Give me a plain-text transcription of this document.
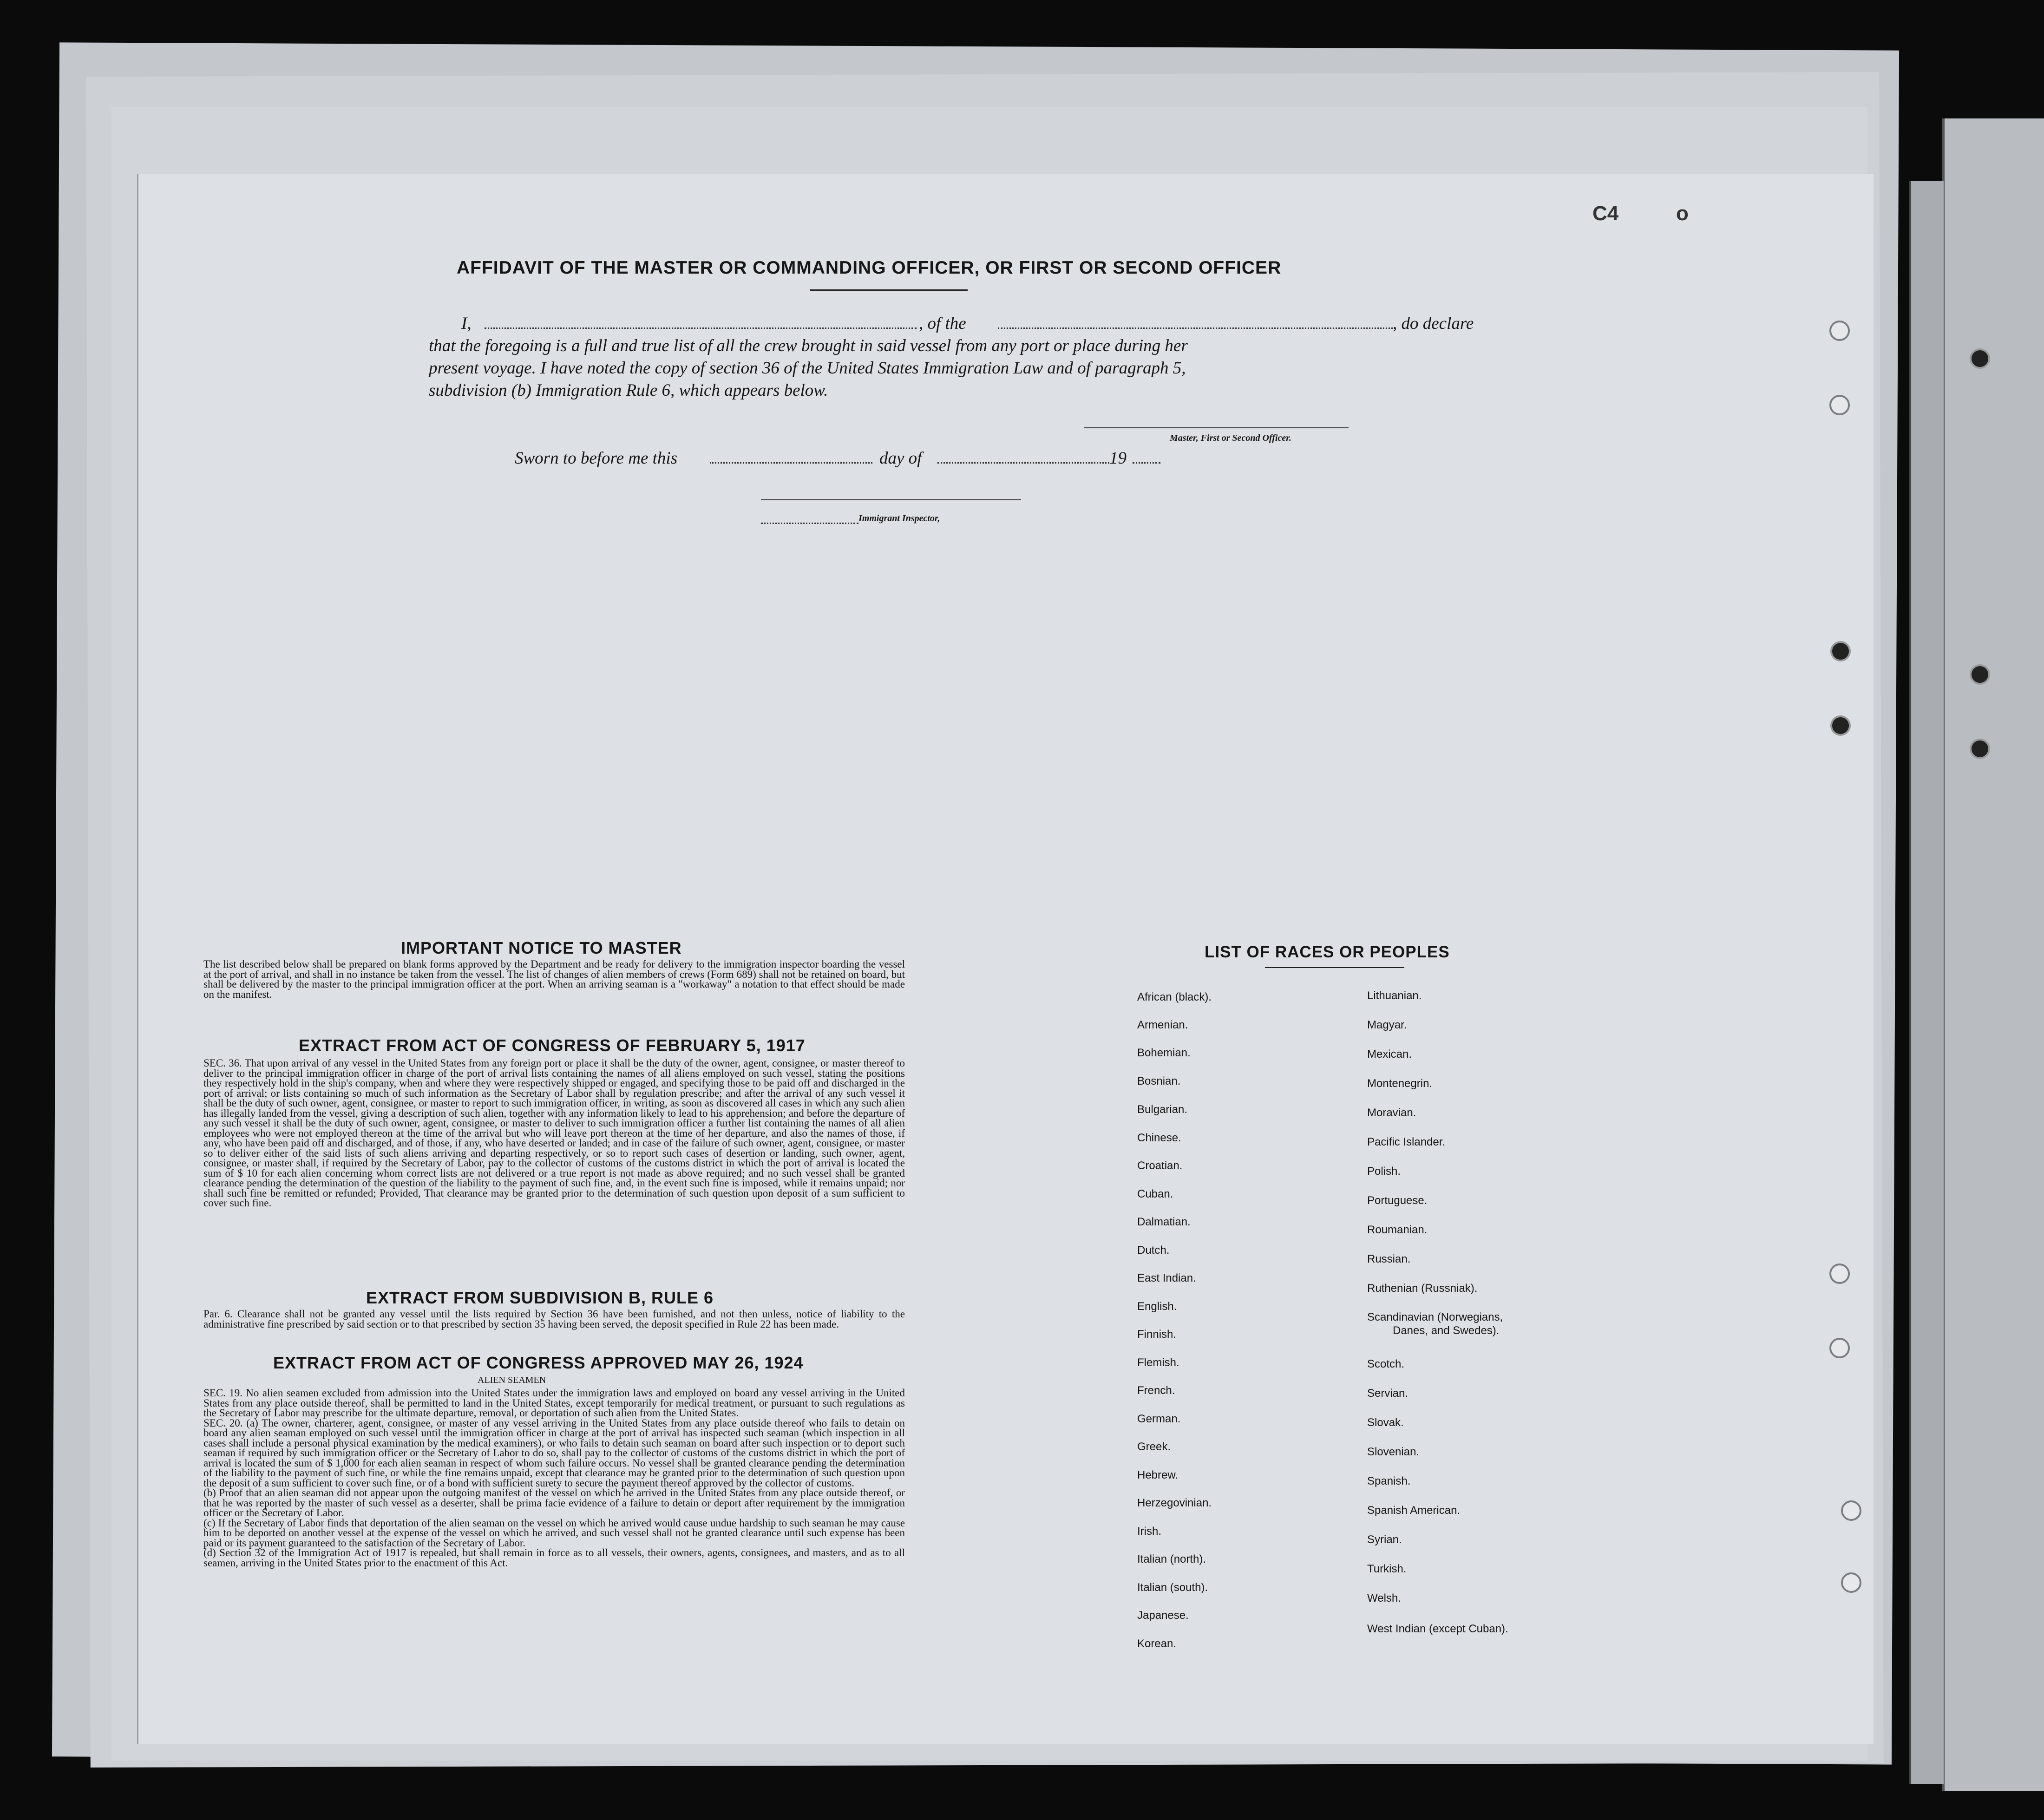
C4	o
AFFIDAVIT OF THE MASTER OR COMMANDING OFFICER, OR FIRST OR SECOND OFFICER
I,	, of the	, do declare
that the foregoing is a full and true list of all the crew brought in said vessel from any port or place during her
present voyage. I have noted the copy of section 36 of the United States Immigration Law and of paragraph 5,
subdivision (b) Immigration Rule 6, which appears below.
Master, First or Second Officer.
Sworn to before me this	day of	19
Immigrant Inspector,
IMPORTANT NOTICE TO MASTER
The list described below shall be prepared on blank forms approved by the Department and be ready for delivery to the immigration inspector boarding the vessel at the port of arrival, and shall in no instance be taken from the vessel. The list of changes of alien members of crews (Form 689) shall not be retained on board, but shall be delivered by the master to the principal immigration officer at the port. When an arriving seaman is a "workaway" a notation to that effect should be made on the manifest.
EXTRACT FROM ACT OF CONGRESS OF FEBRUARY 5, 1917
SEC. 36. That upon arrival of any vessel in the United States from any foreign port or place it shall be the duty of the owner, agent, consignee, or master thereof to deliver to the principal immigration officer in charge of the port of arrival lists containing the names of all aliens employed on such vessel, stating the positions they respectively hold in the ship's company, when and where they were respectively shipped or engaged, and specifying those to be paid off and discharged in the port of arrival; or lists containing so much of such information as the Secretary of Labor shall by regulation prescribe; and after the arrival of any such vessel it shall be the duty of such owner, agent, consignee, or master to report to such immigration officer, in writing, as soon as discovered all cases in which any such alien has illegally landed from the vessel, giving a description of such alien, together with any information likely to lead to his apprehension; and before the departure of any such vessel it shall be the duty of such owner, agent, consignee, or master to deliver to such immigration officer a further list containing the names of all alien employees who were not employed thereon at the time of the arrival but who will leave port thereon at the time of her departure, and also the names of those, if any, who have been paid off and discharged, and of those, if any, who have deserted or landed; and in case of the failure of such owner, agent, consignee, or master so to deliver either of the said lists of such aliens arriving and departing respectively, or so to report such cases of desertion or landing, such owner, agent, consignee, or master shall, if required by the Secretary of Labor, pay to the collector of customs of the customs district in which the port of arrival is located the sum of $ 10 for each alien concerning whom correct lists are not delivered or a true report is not made as above required; and no such vessel shall be granted clearance pending the determination of the question of the liability to the payment of such fine, and, in the event such fine is imposed, while it remains unpaid; nor shall such fine be remitted or refunded; Provided, That clearance may be granted prior to the determination of such question upon deposit of a sum sufficient to cover such fine.
EXTRACT FROM SUBDIVISION B, RULE 6
Par. 6. Clearance shall not be granted any vessel until the lists required by Section 36 have been furnished, and not then unless, notice of liability to the administrative fine prescribed by said section or to that prescribed by section 35 having been served, the deposit specified in Rule 22 has been made.
EXTRACT FROM ACT OF CONGRESS APPROVED MAY 26, 1924
ALIEN SEAMEN
SEC. 19. No alien seamen excluded from admission into the United States under the immigration laws and employed on board any vessel arriving in the United States from any place outside thereof, shall be permitted to land in the United States, except temporarily for medical treatment, or pursuant to such regulations as the Secretary of Labor may prescribe for the ultimate departure, removal, or deportation of such alien from the United States.
SEC. 20. (a) The owner, charterer, agent, consignee, or master of any vessel arriving in the United States from any place outside thereof who fails to detain on board any alien seaman employed on such vessel until the immigration officer in charge at the port of arrival has inspected such seaman (which inspection in all cases shall include a personal physical examination by the medical examiners), or who fails to detain such seaman on board after such inspection or to deport such seaman if required by such immigration officer or the Secretary of Labor to do so, shall pay to the collector of customs of the customs district in which the port of arrival is located the sum of $ 1,000 for each alien seaman in respect of whom such failure occurs. No vessel shall be granted clearance pending the determination of the liability to the payment of such fine, or while the fine remains unpaid, except that clearance may be granted prior to the determination of such question upon the deposit of a sum sufficient to cover such fine, or of a bond with sufficient surety to secure the payment thereof approved by the collector of customs.
(b) Proof that an alien seaman did not appear upon the outgoing manifest of the vessel on which he arrived in the United States from any place outside thereof, or that he was reported by the master of such vessel as a deserter, shall be prima facie evidence of a failure to detain or deport after requirement by the immigration officer or the Secretary of Labor.
(c) If the Secretary of Labor finds that deportation of the alien seaman on the vessel on which he arrived would cause undue hardship to such seaman he may cause him to be deported on another vessel at the expense of the vessel on which he arrived, and such vessel shall not be granted clearance until such expense has been paid or its payment guaranteed to the satisfaction of the Secretary of Labor.
(d) Section 32 of the Immigration Act of 1917 is repealed, but shall remain in force as to all vessels, their owners, agents, consignees, and masters, and as to all seamen, arriving in the United States prior to the enactment of this Act.
LIST OF RACES OR PEOPLES
African (black).
Armenian.
Bohemian.
Bosnian.
Bulgarian.
Chinese.
Croatian.
Cuban.
Dalmatian.
Dutch.
East Indian.
English.
Finnish.
Flemish.
French.
German.
Greek.
Hebrew.
Herzegovinian.
Irish.
Italian (north).
Italian (south).
Japanese.
Korean.
Lithuanian.
Magyar.
Mexican.
Montenegrin.
Moravian.
Pacific Islander.
Polish.
Portuguese.
Roumanian.
Russian.
Ruthenian (Russniak).
Scandinavian (Norwegians,
Danes, and Swedes).
Scotch.
Servian.
Slovak.
Slovenian.
Spanish.
Spanish American.
Syrian.
Turkish.
Welsh.
West Indian (except Cuban).
